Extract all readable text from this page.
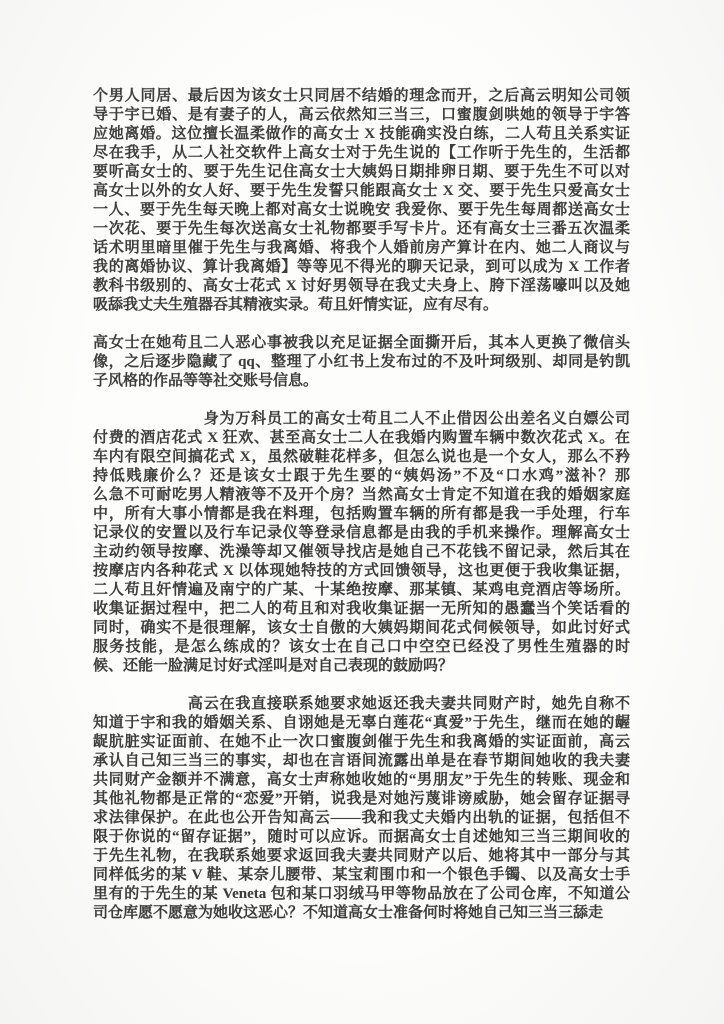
个男人同居、最后因为该女士只同居不结婚的理念而开，之后高云明知公司领
导于宇已婚、是有妻子的人，高云依然知三当三，口蜜腹剑哄她的领导于宇答
应她离婚。这位擅长温柔做作的高女士 X 技能确实没白练，二人苟且关系实证
尽在我手，从二人社交软件上高女士对于先生说的【工作听于先生的，生活都
要听高女士的、要于先生记住高女士大姨妈日期排卵日期、要于先生不可以对
高女士以外的女人好、要于先生发誓只能跟高女士 X 交、要于先生只爱高女士
一人、要于先生每天晚上都对高女士说晚安 我爱你、要于先生每周都送高女士
一次花、要于先生每次送高女士礼物都要手写卡片。还有高女士三番五次温柔
话术明里暗里催于先生与我离婚、将我个人婚前房产算计在内、她二人商议与
我的离婚协议、算计我离婚】等等见不得光的聊天记录，到可以成为 X 工作者
教科书级别的、高女士花式 X 讨好男领导在我丈夫身上、胯下淫荡嚎叫以及她
吸舔我丈夫生殖器吞其精液实录。苟且奸情实证，应有尽有。
高女士在她苟且二人恶心事被我以充足证据全面撕开后，其本人更换了微信头
像，之后逐步隐藏了 qq、整理了小红书上发布过的不及叶珂级别、却同是钓凯
子风格的作品等等社交账号信息。
　　　　　　　身为万科员工的高女士苟且二人不止借因公出差名义白嫖公司
付费的酒店花式 X 狂欢、甚至高女士二人在我婚内购置车辆中数次花式 X。在
车内有限空间搞花式 X，虽然破鞋花样多，但怎么说也是一个女人，那么不矜
持低贱廉价么？还是该女士跟于先生要的“姨妈汤”不及“口水鸡”滋补？那
么急不可耐吃男人精液等不及开个房？当然高女士肯定不知道在我的婚姻家庭
中，所有大事小情都是我在料理，包括购置车辆的所有都是我一手处理，行车
记录仪的安置以及行车记录仪等登录信息都是由我的手机来操作。理解高女士
主动约领导按摩、洗澡等却又催领导找店是她自己不花钱不留记录，然后其在
按摩店内各种花式 X 以体现她特技的方式回馈领导，这也更便于我收集证据，
二人苟且奸情遍及南宁的广某、十某绝按摩、那某镇、某鸡电竞酒店等场所。
收集证据过程中，把二人的苟且和对我收集证据一无所知的愚蠢当个笑话看的
同时，确实不是很理解，该女士自傲的大姨妈期间花式伺候领导，如此讨好式
服务技能，是怎么练成的？该女士在自己口中空空已经没了男性生殖器的时
候、还能一脸满足讨好式淫叫是对自己表现的鼓励吗？
　　　　　　高云在我直接联系她要求她返还我夫妻共同财产时，她先自称不
知道于宇和我的婚姻关系、自诩她是无辜白莲花“真爱”于先生，继而在她的龌
龊肮脏实证面前、在她不止一次口蜜腹剑催于先生和我离婚的实证面前，高云
承认自己知三当三的事实，却也在言语间流露出单是在春节期间她收的我夫妻
共同财产金额并不满意，高女士声称她收她的“男朋友”于先生的转账、现金和
其他礼物都是正常的“恋爱”开销，说我是对她污蔑诽谤威胁，她会留存证据寻
求法律保护。在此也公开告知高云——我和我丈夫婚内出轨的证据，包括但不
限于你说的“留存证据”，随时可以应诉。而据高女士自述她知三当三期间收的
于先生礼物，在我联系她要求返回我夫妻共同财产以后、她将其中一部分与其
同样低劣的某 V 鞋、某奈儿腰带、某宝莉围巾和一个银色手镯、以及高女士手
里有的于先生的某 Veneta 包和某口羽绒马甲等物品放在了公司仓库，不知道公
司仓库愿不愿意为她收这恶心？不知道高女士准备何时将她自己知三当三舔走
